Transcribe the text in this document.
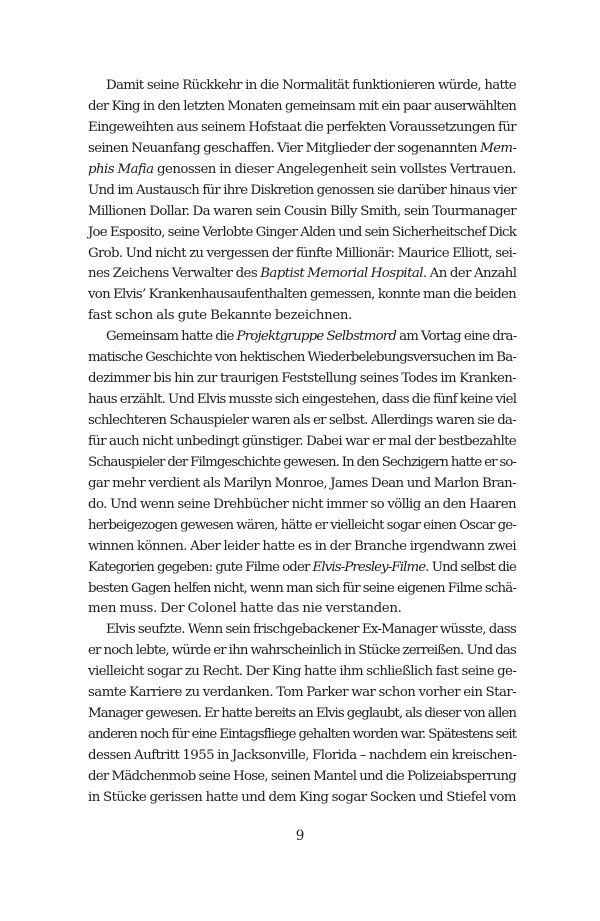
Damit seine Rückkehr in die Normalität funktionieren würde, hatte
der King in den letzten Monaten gemeinsam mit ein paar auserwählten
Eingeweihten aus seinem Hofstaat die perfekten Voraussetzungen für
seinen Neuanfang geschaffen. Vier Mitglieder der sogenannten Mem-
phis Mafia genossen in dieser Angelegenheit sein vollstes Vertrauen.
Und im Austausch für ihre Diskretion genossen sie darüber hinaus vier
Millionen Dollar. Da waren sein Cousin Billy Smith, sein Tourmanager
Joe Esposito, seine Verlobte Ginger Alden und sein Sicherheitschef Dick
Grob. Und nicht zu vergessen der fünfte Millionär: Maurice Elliott, sei-
nes Zeichens Verwalter des Baptist Memorial Hospital. An der Anzahl
von Elvis’ Krankenhausaufenthalten gemessen, konnte man die beiden
fast schon als gute Bekannte bezeichnen.
Gemeinsam hatte die Projektgruppe Selbstmord am Vortag eine dra-
matische Geschichte von hektischen Wiederbelebungsversuchen im Ba-
dezimmer bis hin zur traurigen Feststellung seines Todes im Kranken-
haus erzählt. Und Elvis musste sich eingestehen, dass die fünf keine viel
schlechteren Schauspieler waren als er selbst. Allerdings waren sie da-
für auch nicht unbedingt günstiger. Dabei war er mal der bestbezahlte
Schauspieler der Filmgeschichte gewesen. In den Sechzigern hatte er so-
gar mehr verdient als Marilyn Monroe, James Dean und Marlon Bran-
do. Und wenn seine Drehbücher nicht immer so völlig an den Haaren
herbeigezogen gewesen wären, hätte er vielleicht sogar einen Oscar ge-
winnen können. Aber leider hatte es in der Branche irgendwann zwei
Kategorien gegeben: gute Filme oder Elvis-Presley-Filme. Und selbst die
besten Gagen helfen nicht, wenn man sich für seine eigenen Filme schä-
men muss. Der Colonel hatte das nie verstanden.
Elvis seufzte. Wenn sein frischgebackener Ex-Manager wüsste, dass
er noch lebte, würde er ihn wahrscheinlich in Stücke zerreißen. Und das
vielleicht sogar zu Recht. Der King hatte ihm schließlich fast seine ge-
samte Karriere zu verdanken. Tom Parker war schon vorher ein Star-
Manager gewesen. Er hatte bereits an Elvis geglaubt, als dieser von allen
anderen noch für eine Eintagsfliege gehalten worden war. Spätestens seit
dessen Auftritt 1955 in Jacksonville, Florida – nachdem ein kreischen-
der Mädchenmob seine Hose, seinen Mantel und die Polizeiabsperrung
in Stücke gerissen hatte und dem King sogar Socken und Stiefel vom
9
